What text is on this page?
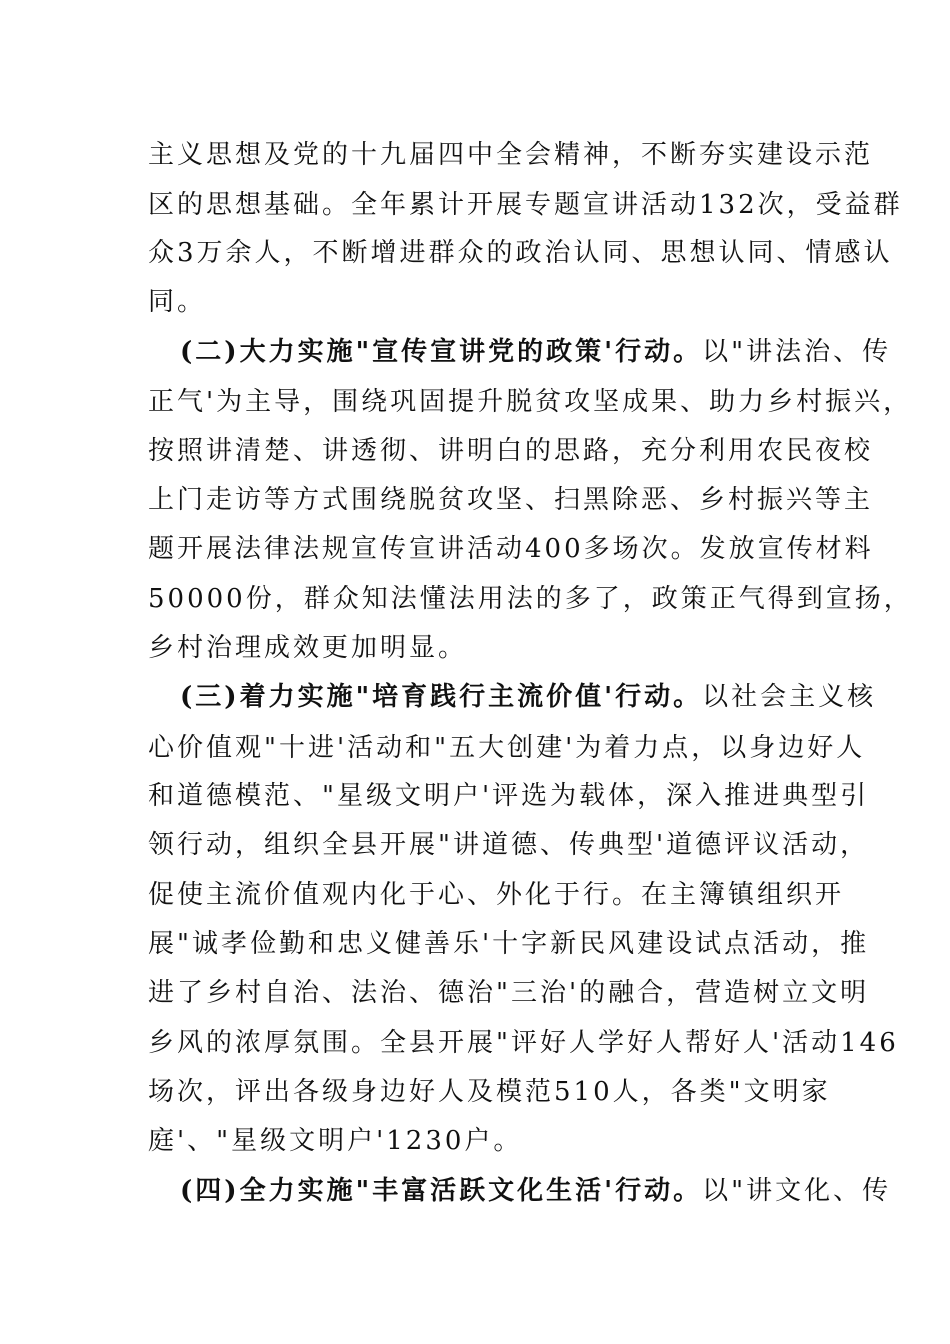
主义思想及党的十九届四中全会精神，不断夯实建设示范
区的思想基础。全年累计开展专题宣讲活动132次，受益群
众3万余人，不断增进群众的政治认同、思想认同、情感认
同。
(二)大力实施"宣传宣讲党的政策'行动。以"讲法治、传
正气'为主导，围绕巩固提升脱贫攻坚成果、助力乡村振兴，
按照讲清楚、讲透彻、讲明白的思路，充分利用农民夜校
上门走访等方式围绕脱贫攻坚、扫黑除恶、乡村振兴等主
题开展法律法规宣传宣讲活动400多场次。发放宣传材料
50000份，群众知法懂法用法的多了，政策正气得到宣扬，
乡村治理成效更加明显。
(三)着力实施"培育践行主流价值'行动。以社会主义核
心价值观"十进'活动和"五大创建'为着力点，以身边好人
和道德模范、"星级文明户'评选为载体，深入推进典型引
领行动，组织全县开展"讲道德、传典型'道德评议活动，
促使主流价值观内化于心、外化于行。在主簿镇组织开
展"诚孝俭勤和忠义健善乐'十字新民风建设试点活动，推
进了乡村自治、法治、德治"三治'的融合，营造树立文明
乡风的浓厚氛围。全县开展"评好人学好人帮好人'活动146
场次，评出各级身边好人及模范510人，各类"文明家
庭'、"星级文明户'1230户。
(四)全力实施"丰富活跃文化生活'行动。以"讲文化、传
